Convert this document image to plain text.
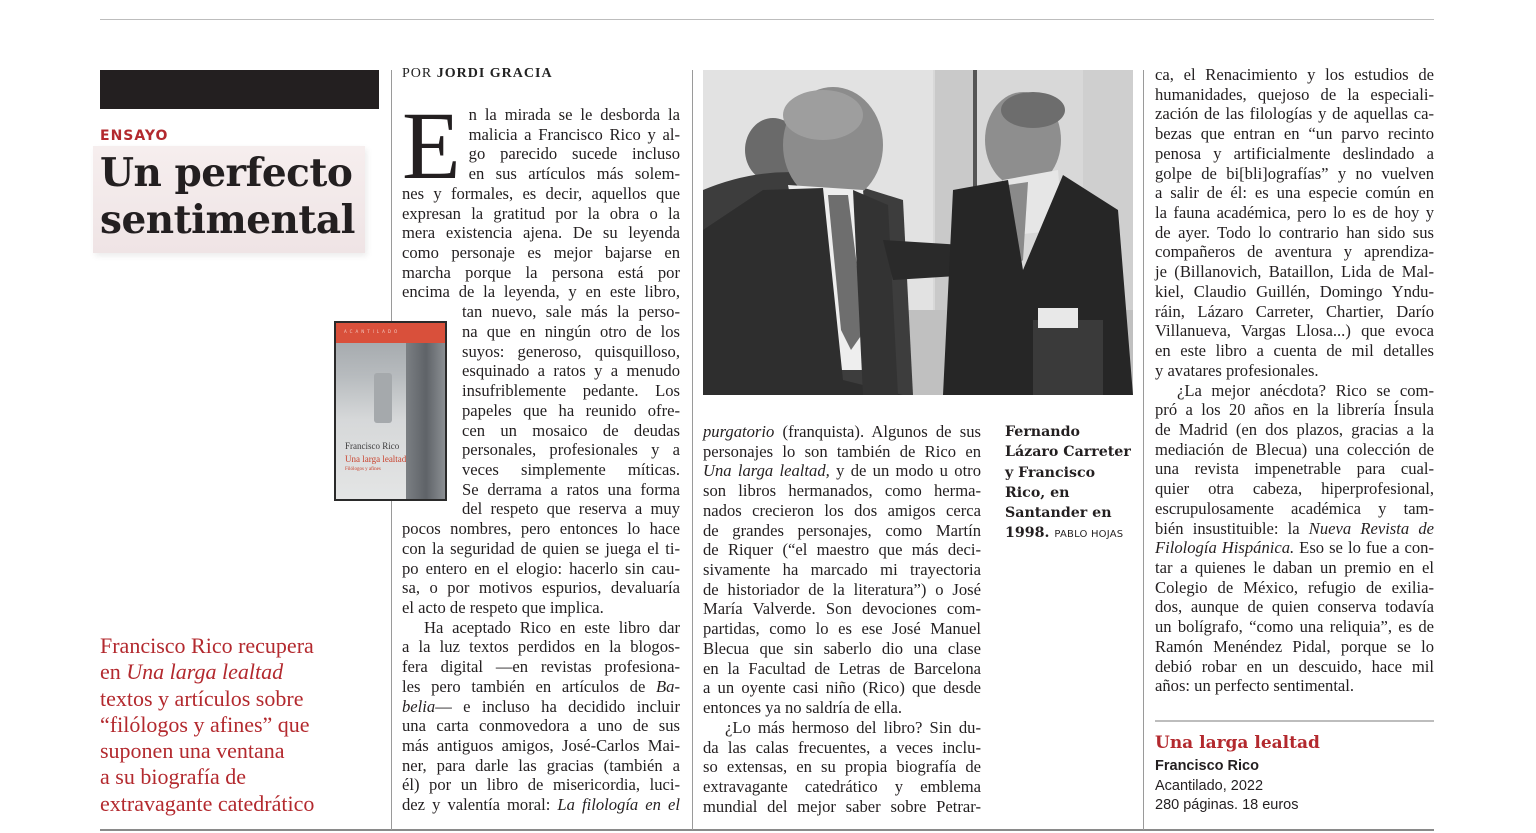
ENSAYO
Un perfecto
sentimental
Francisco Rico recupera
en Una larga lealtad
textos y artículos sobre
“filólogos y afines” que
suponen una ventana
a su biografía de
extravagante catedrático
POR JORDI GRACIA
E n la mirada se le desborda la
malicia a Francisco Rico y al-
go parecido sucede incluso
en sus artículos más solem-
nes y formales, es decir, aquellos que
expresan la gratitud por la obra o la
mera existencia ajena. De su leyenda
como personaje es mejor bajarse en
marcha porque la persona está por
encima de la leyenda, y en este libro,
tan nuevo, sale más la perso-
na que en ningún otro de los
suyos: generoso, quisquilloso,
esquinado a ratos y a menudo
insufriblemente pedante. Los
papeles que ha reunido ofre-
cen un mosaico de deudas
personales, profesionales y a
veces simplemente míticas.
Se derrama a ratos una forma
del respeto que reserva a muy
pocos nombres, pero entonces lo hace
con la seguridad de quien se juega el ti-
po entero en el elogio: hacerlo sin cau-
sa, o por motivos espurios, devaluaría
el acto de respeto que implica.
Ha aceptado Rico en este libro dar
a la luz textos perdidos en la blogos-
fera digital —en revistas profesiona-
les pero también en artículos de Ba-
belia— e incluso ha decidido incluir
una carta conmovedora a uno de sus
más antiguos amigos, José-Carlos Mai-
ner, para darle las gracias (también a
él) por un libro de misericordia, luci-
dez y valentía moral: La filología en el
ACANTILADO
Francisco Rico
Una larga lealtad
Filólogos y afines
purgatorio (franquista). Algunos de sus
personajes lo son también de Rico en
Una larga lealtad, y de un modo u otro
son libros hermanados, como herma-
nados crecieron los dos amigos cerca
de grandes personajes, como Martín
de Riquer (“el maestro que más deci-
sivamente ha marcado mi trayectoria
de historiador de la literatura”) o José
María Valverde. Son devociones com-
partidas, como lo es ese José Manuel
Blecua que sin saberlo dio una clase
en la Facultad de Letras de Barcelona
a un oyente casi niño (Rico) que desde
entonces ya no saldría de ella.
¿Lo más hermoso del libro? Sin du-
da las calas frecuentes, a veces inclu-
so extensas, en su propia biografía de
extravagante catedrático y emblema
mundial del mejor saber sobre Petrar-
Fernando Lázaro Carreter y Francisco Rico, en Santander en 1998. PABLO HOJAS
ca, el Renacimiento y los estudios de
humanidades, quejoso de la especiali-
zación de las filologías y de aquellas ca-
bezas que entran en “un parvo recinto
penosa y artificialmente deslindado a
golpe de bi[bli]ografías” y no vuelven
a salir de él: es una especie común en
la fauna académica, pero lo es de hoy y
de ayer. Todo lo contrario han sido sus
compañeros de aventura y aprendiza-
je (Billanovich, Bataillon, Lida de Mal-
kiel, Claudio Guillén, Domingo Yndu-
ráin, Lázaro Carreter, Chartier, Darío
Villanueva, Vargas Llosa...) que evoca
en este libro a cuenta de mil detalles
y avatares profesionales.
¿La mejor anécdota? Rico se com-
pró a los 20 años en la librería Ínsula
de Madrid (en dos plazos, gracias a la
mediación de Blecua) una colección de
una revista impenetrable para cual-
quier otra cabeza, hiperprofesional,
escrupulosamente académica y tam-
bién insustituible: la Nueva Revista de
Filología Hispánica. Eso se lo fue a con-
tar a quienes le daban un premio en el
Colegio de México, refugio de exilia-
dos, aunque de quien conserva todavía
un bolígrafo, “como una reliquia”, es de
Ramón Menéndez Pidal, porque se lo
debió robar en un descuido, hace mil
años: un perfecto sentimental.
Una larga lealtad
Francisco Rico
Acantilado, 2022
280 páginas. 18 euros
